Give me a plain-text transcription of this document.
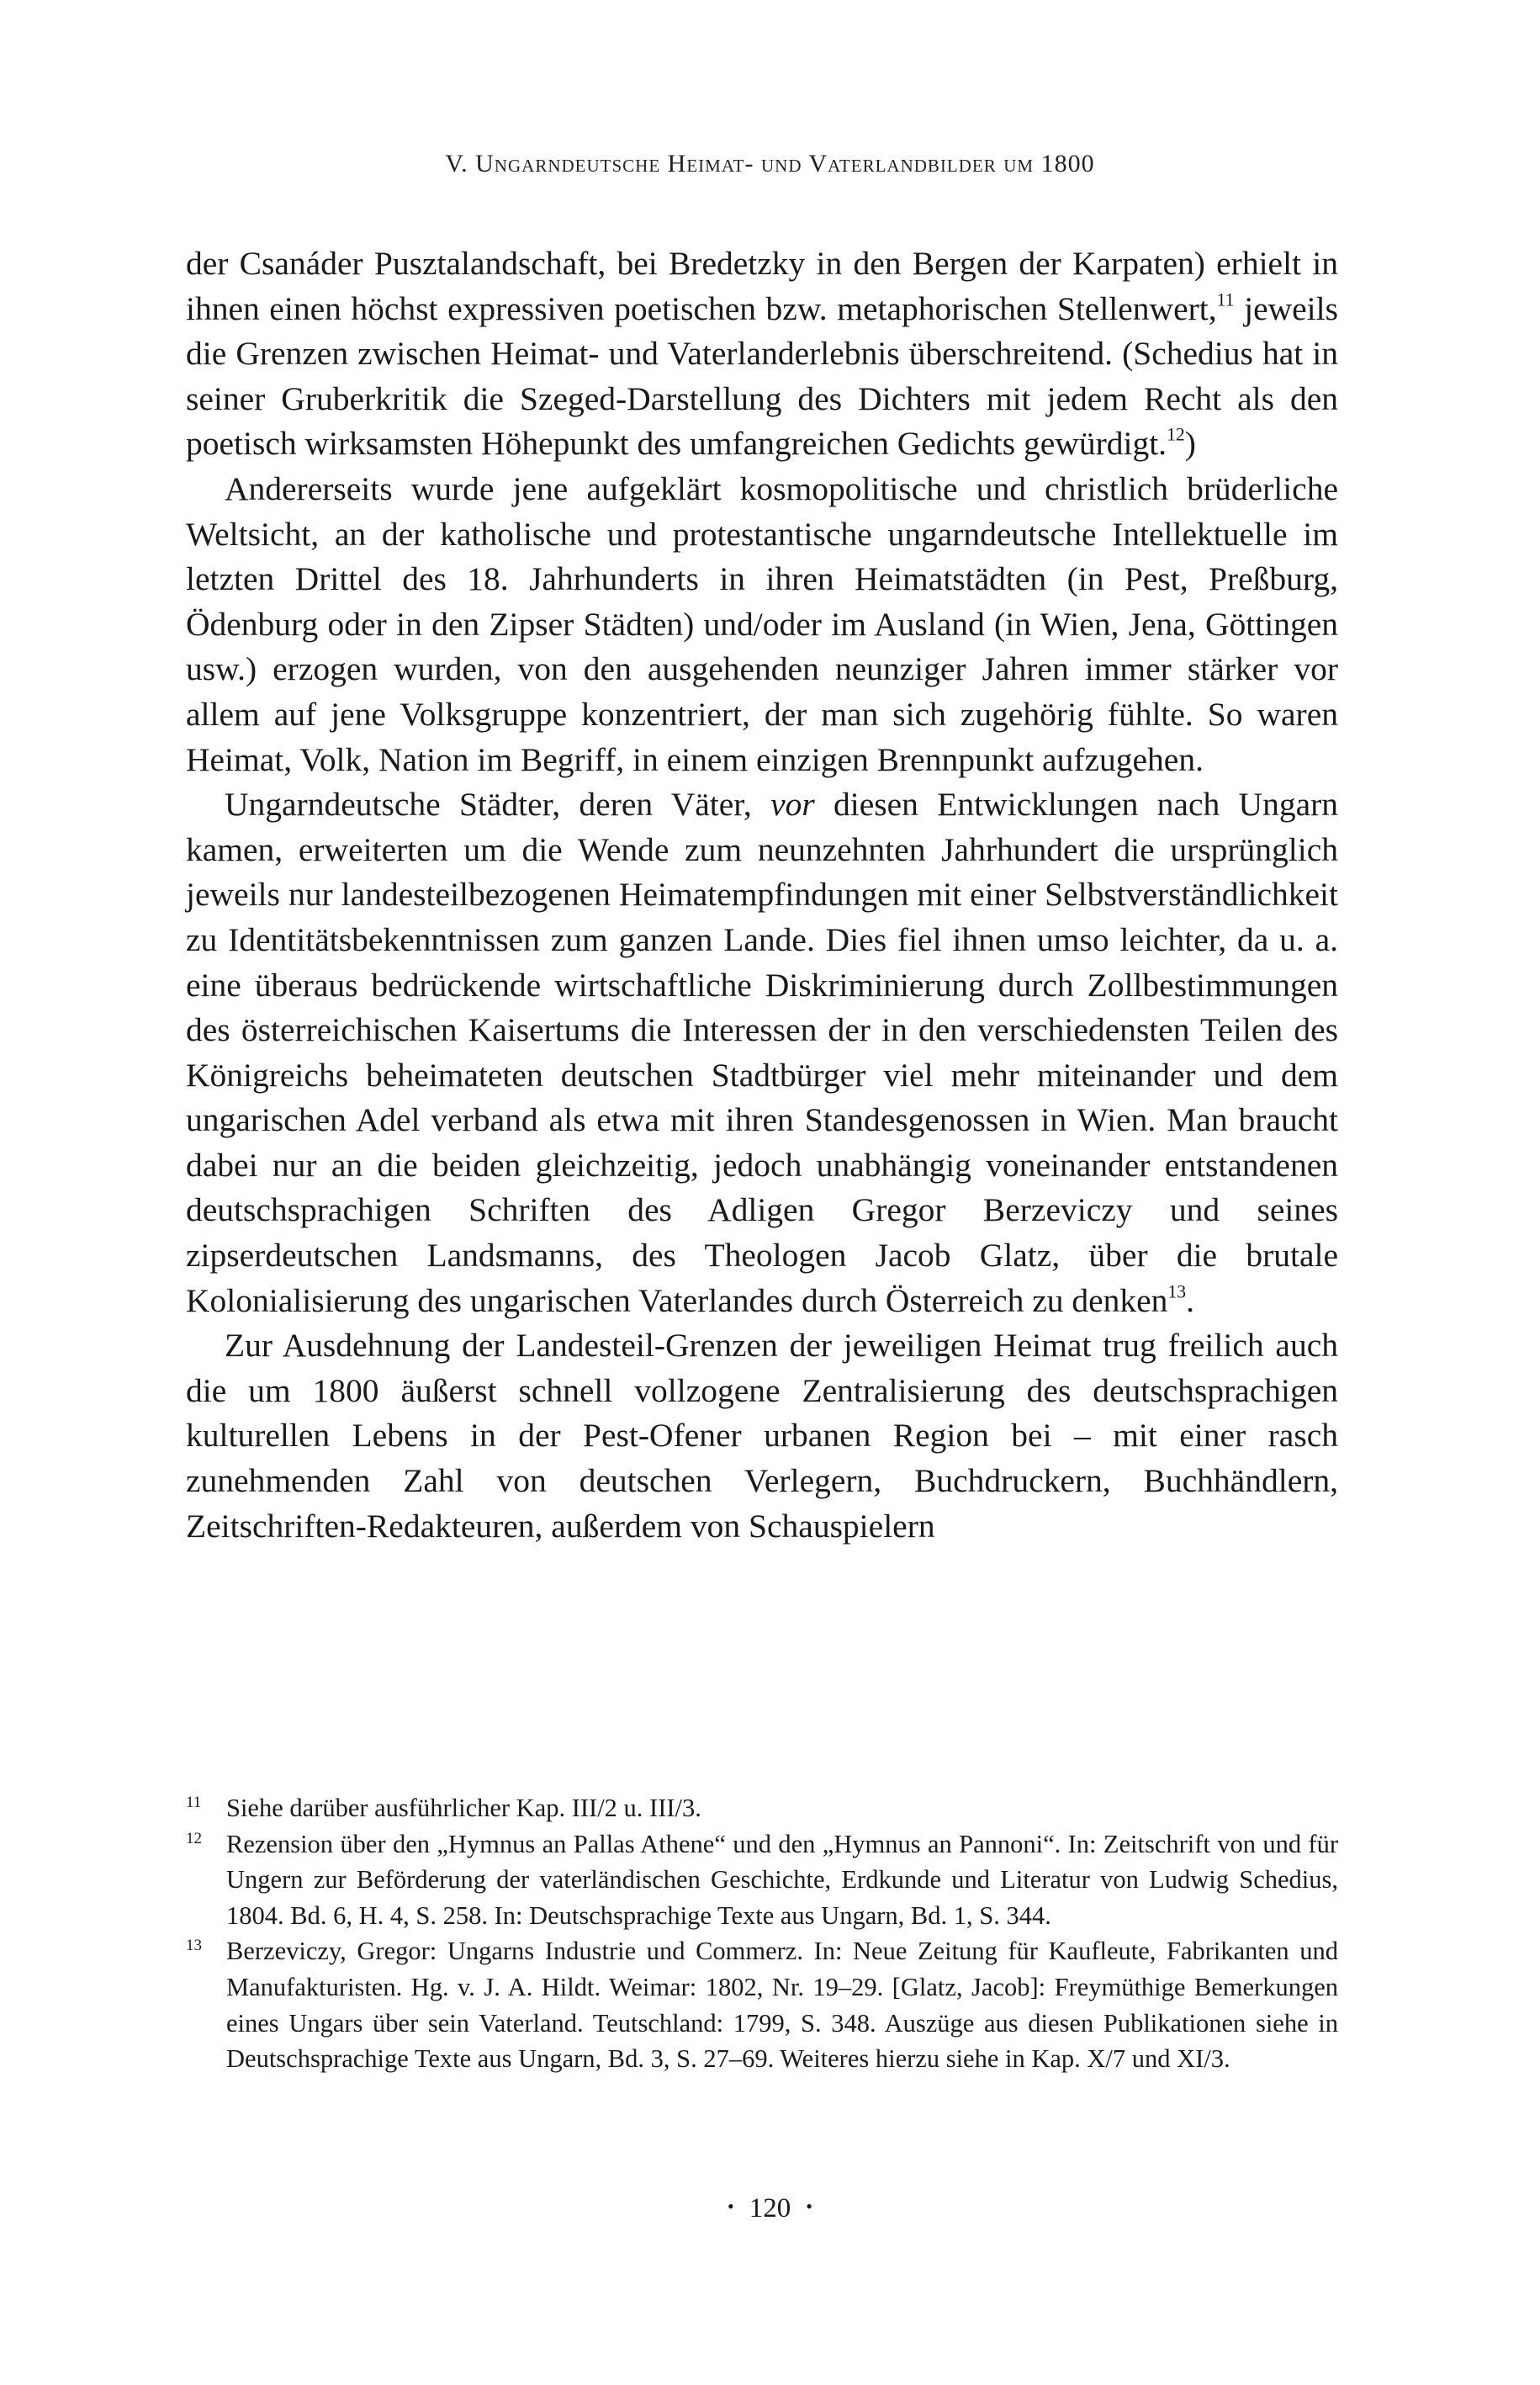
V. Ungarndeutsche Heimat- und Vaterlandbilder um 1800

der Csanáder Pusztalandschaft, bei Bredetzky in den Bergen der Karpaten) erhielt in ihnen einen höchst expressiven poetischen bzw. metaphorischen Stellenwert,$^{11}$ jeweils die Grenzen zwischen Heimat- und Vaterlanderlebnis überschreitend. (Schedius hat in seiner Gruberkritik die Szeged-Darstellung des Dichters mit jedem Recht als den poetisch wirksamsten Höhepunkt des umfangreichen Gedichts gewürdigt.$^{12}$)

Andererseits wurde jene aufgeklärt kosmopolitische und christlich brüderliche Weltsicht, an der katholische und protestantische ungarndeutsche Intellektuelle im letzten Drittel des 18. Jahrhunderts in ihren Heimatstädten (in Pest, Preßburg, Ödenburg oder in den Zipser Städten) und/oder im Ausland (in Wien, Jena, Göttingen usw.) erzogen wurden, von den ausgehenden neunziger Jahren immer stärker vor allem auf jene Volksgruppe konzentriert, der man sich zugehörig fühlte. So waren Heimat, Volk, Nation im Begriff, in einem einzigen Brennpunkt aufzugehen.

Ungarndeutsche Städter, deren Väter, vor diesen Entwicklungen nach Ungarn kamen, erweiterten um die Wende zum neunzehnten Jahrhundert die ursprünglich jeweils nur landesteilbezogenen Heimatempfindungen mit einer Selbstverständlichkeit zu Identitätsbekenntnissen zum ganzen Lande. Dies fiel ihnen umso leichter, da u. a. eine überaus bedrückende wirtschaftliche Diskriminierung durch Zollbestimmungen des österreichischen Kaisertums die Interessen der in den verschiedensten Teilen des Königreichs beheimateten deutschen Stadtbürger viel mehr miteinander und dem ungarischen Adel verband als etwa mit ihren Standesgenossen in Wien. Man braucht dabei nur an die beiden gleichzeitig, jedoch unabhängig voneinander entstandenen deutschsprachigen Schriften des Adligen Gregor Berzeviczy und seines zipserdeutschen Landsmanns, des Theologen Jacob Glatz, über die brutale Kolonialisierung des ungarischen Vaterlandes durch Österreich zu denken$^{13}$.

Zur Ausdehnung der Landesteil-Grenzen der jeweiligen Heimat trug freilich auch die um 1800 äußerst schnell vollzogene Zentralisierung des deutschsprachigen kulturellen Lebens in der Pest-Ofener urbanen Region bei – mit einer rasch zunehmenden Zahl von deutschen Verlegern, Buchdruckern, Buchhändlern, Zeitschriften-Redakteuren, außerdem von Schauspielern

11 Siehe darüber ausführlicher Kap. III/2 u. III/3.

12 Rezension über den „Hymnus an Pallas Athene“ und den „Hymnus an Pannoni“. In: Zeitschrift von und für Ungern zur Beförderung der vaterländischen Geschichte, Erdkunde und Literatur von Ludwig Schedius, 1804. Bd. 6, H. 4, S. 258. In: Deutschsprachige Texte aus Ungarn, Bd. 1, S. 344.

13 Berzeviczy, Gregor: Ungarns Industrie und Commerz. In: Neue Zeitung für Kaufleute, Fabrikanten und Manufakturisten. Hg. v. J. A. Hildt. Weimar: 1802, Nr. 19–29. [Glatz, Jacob]: Freymüthige Bemerkungen eines Ungars über sein Vaterland. Teutschland: 1799, S. 348. Auszüge aus diesen Publikationen siehe in Deutschsprachige Texte aus Ungarn, Bd. 3, S. 27–69. Weiteres hierzu siehe in Kap. X/7 und XI/3.

• 120 •
